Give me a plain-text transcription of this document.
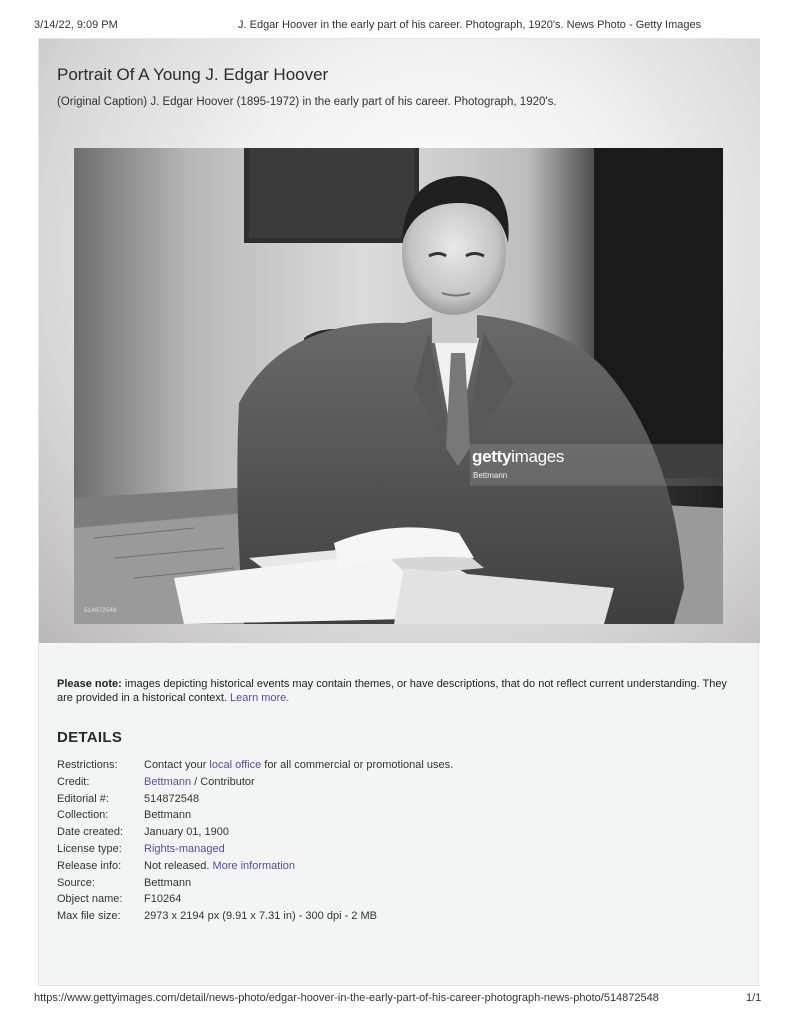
3/14/22, 9:09 PM	J. Edgar Hoover in the early part of his career. Photograph, 1920's. News Photo - Getty Images
Portrait Of A Young J. Edgar Hoover
(Original Caption) J. Edgar Hoover (1895-1972) in the early part of his career. Photograph, 1920's.
gettyimages
Bettmann
514872548

Please note: images depicting historical events may contain themes, or have descriptions, that do not reflect current understanding. They are provided in a historical context. Learn more.

DETAILS
Restrictions: Contact your local office for all commercial or promotional uses.
Credit:	Bettmann / Contributor
Editorial #:	514872548
Collection:	Bettmann
Date created: January 01, 1900
License type: Rights-managed
Release info: Not released. More information
Source:	Bettmann
Object name: F10264
Max file size: 2973 x 2194 px (9.91 x 7.31 in) - 300 dpi - 2 MB
https://www.gettyimages.com/detail/news-photo/edgar-hoover-in-the-early-part-of-his-career-photograph-news-photo/514872548	1/1
